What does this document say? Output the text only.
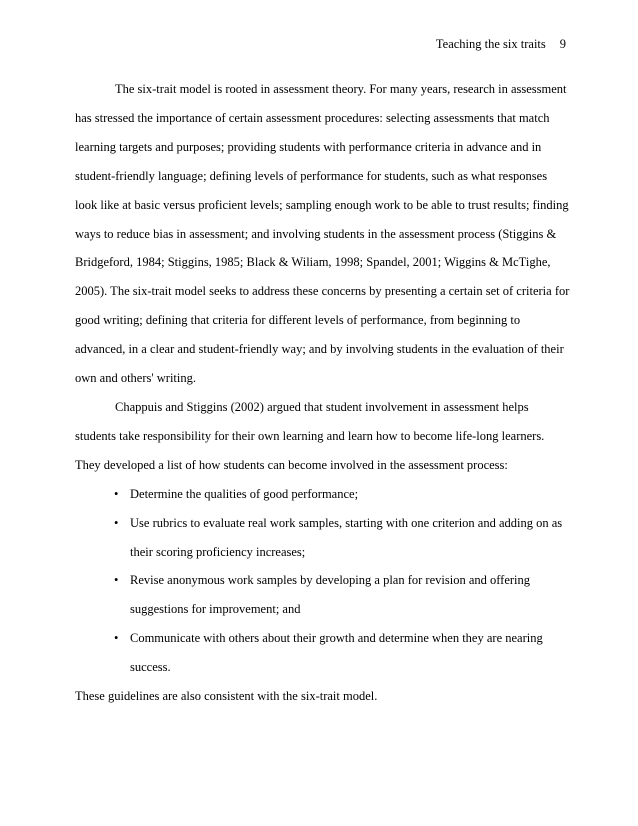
Teaching the six traits 9

The six-trait model is rooted in assessment theory. For many years, research in assessment has stressed the importance of certain assessment procedures: selecting assessments that match learning targets and purposes; providing students with performance criteria in advance and in student-friendly language; defining levels of performance for students, such as what responses look like at basic versus proficient levels; sampling enough work to be able to trust results; finding ways to reduce bias in assessment; and involving students in the assessment process (Stiggins & Bridgeford, 1984; Stiggins, 1985; Black & Wiliam, 1998; Spandel, 2001; Wiggins & McTighe, 2005). The six-trait model seeks to address these concerns by presenting a certain set of criteria for good writing; defining that criteria for different levels of performance, from beginning to advanced, in a clear and student-friendly way; and by involving students in the evaluation of their own and others' writing.

Chappuis and Stiggins (2002) argued that student involvement in assessment helps students take responsibility for their own learning and learn how to become life-long learners. They developed a list of how students can become involved in the assessment process:

• Determine the qualities of good performance;
• Use rubrics to evaluate real work samples, starting with one criterion and adding on as their scoring proficiency increases;
• Revise anonymous work samples by developing a plan for revision and offering suggestions for improvement; and
• Communicate with others about their growth and determine when they are nearing success.

These guidelines are also consistent with the six-trait model.
